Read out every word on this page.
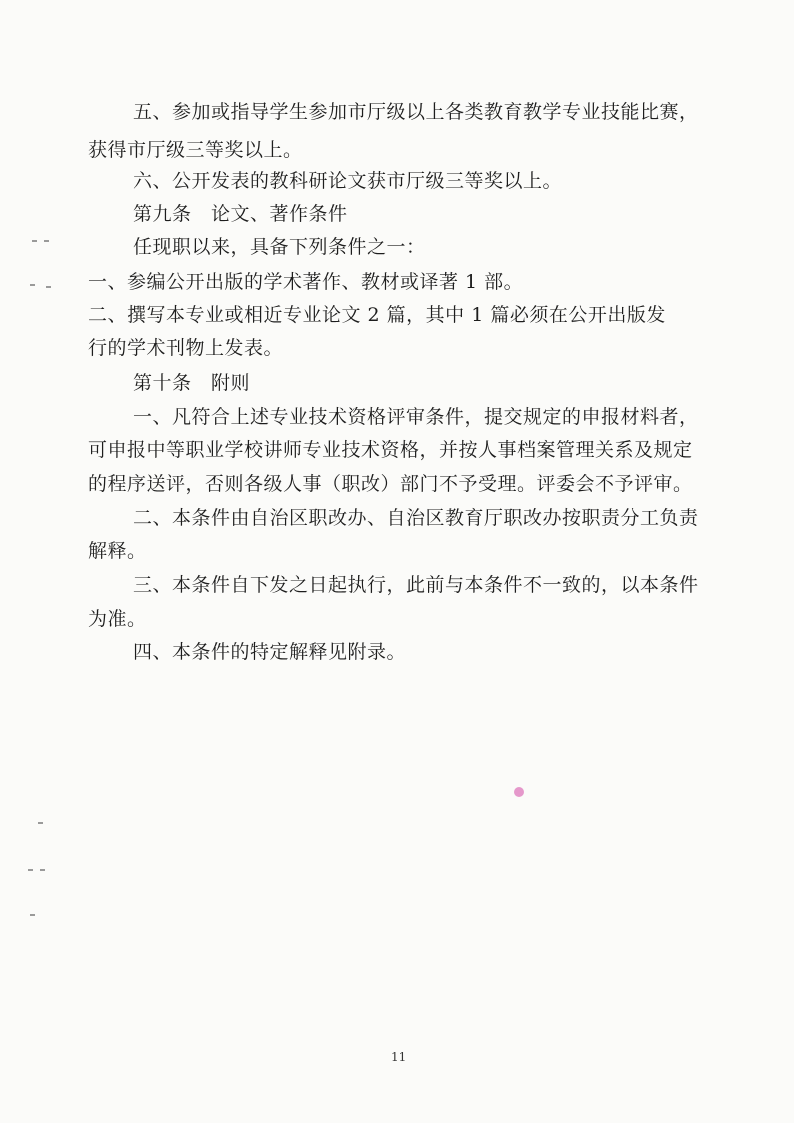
五、参加或指导学生参加市厅级以上各类教育教学专业技能比赛，

获得市厅级三等奖以上。

六、公开发表的教科研论文获市厅级三等奖以上。

第九条　论文、著作条件

任现职以来，具备下列条件之一：

一、参编公开出版的学术著作、教材或译著 1 部。

二、撰写本专业或相近专业论文 2 篇，其中 1 篇必须在公开出版发

行的学术刊物上发表。

第十条　附则

一、凡符合上述专业技术资格评审条件，提交规定的申报材料者，

可申报中等职业学校讲师专业技术资格，并按人事档案管理关系及规定

的程序送评，否则各级人事（职改）部门不予受理。评委会不予评审。

二、本条件由自治区职改办、自治区教育厅职改办按职责分工负责

解释。

三、本条件自下发之日起执行，此前与本条件不一致的，以本条件

为准。

四、本条件的特定解释见附录。

11
